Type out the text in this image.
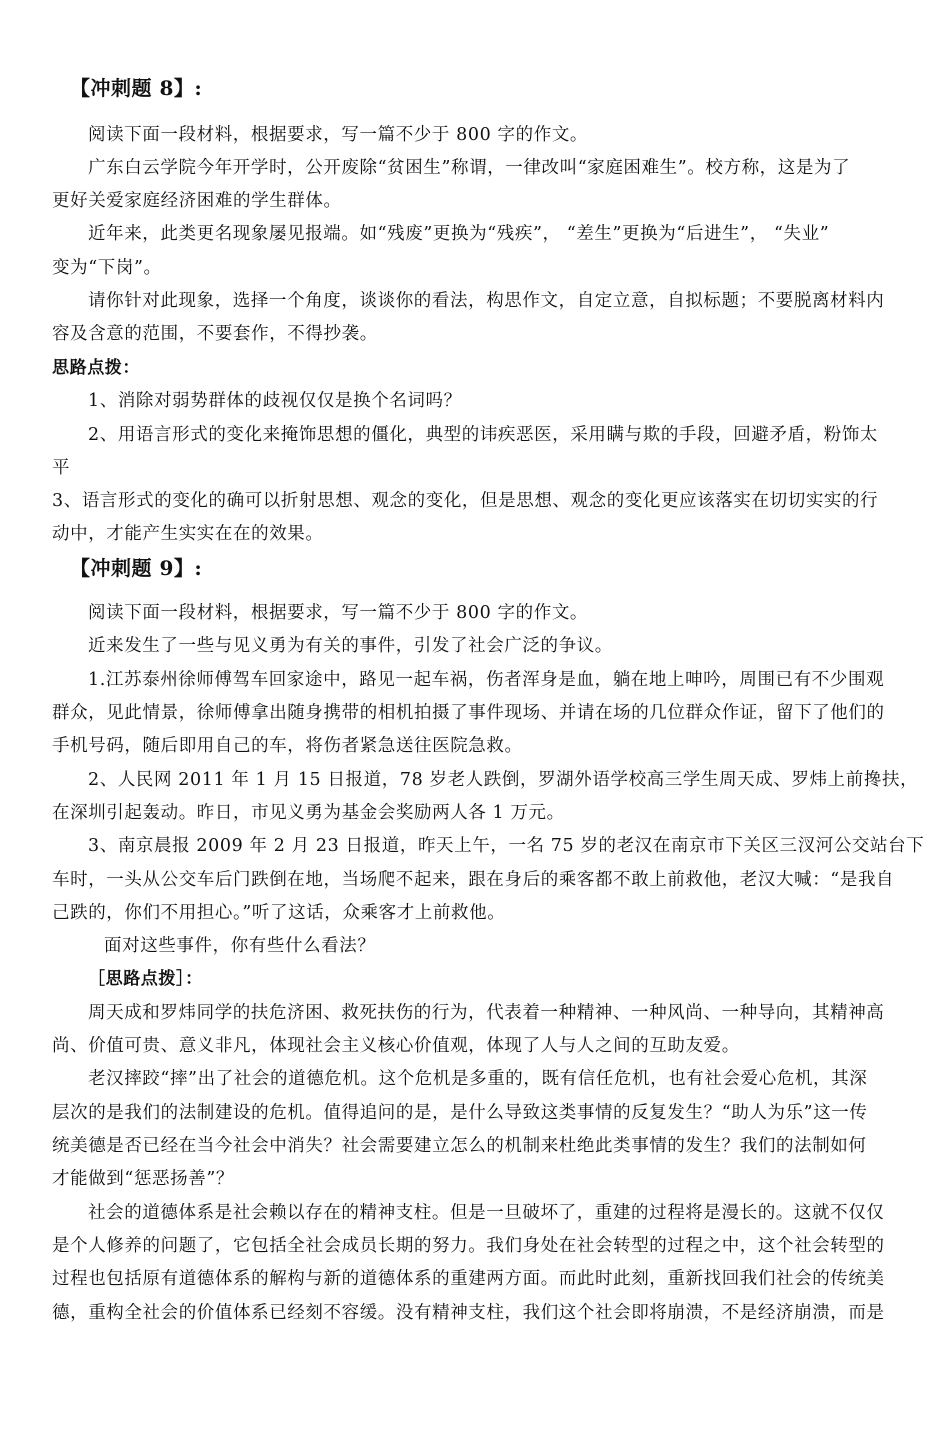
【冲刺题 8】:
阅读下面一段材料，根据要求，写一篇不少于 800 字的作文。
广东白云学院今年开学时，公开废除“贫困生”称谓，一律改叫“家庭困难生”。校方称，这是为了
更好关爱家庭经济困难的学生群体。
近年来，此类更名现象屡见报端。如“残废”更换为“残疾”， “差生”更换为“后进生”， “失业”
变为“下岗”。
请你针对此现象，选择一个角度，谈谈你的看法，构思作文，自定立意，自拟标题；不要脱离材料内
容及含意的范围，不要套作，不得抄袭。
思路点拨：
1、消除对弱势群体的歧视仅仅是换个名词吗？
2、用语言形式的变化来掩饰思想的僵化，典型的讳疾恶医，采用瞒与欺的手段，回避矛盾，粉饰太
平
3、语言形式的变化的确可以折射思想、观念的变化，但是思想、观念的变化更应该落实在切切实实的行
动中，才能产生实实在在的效果。
【冲刺题 9】:
阅读下面一段材料，根据要求，写一篇不少于 800 字的作文。
近来发生了一些与见义勇为有关的事件，引发了社会广泛的争议。
1.江苏泰州徐师傅驾车回家途中，路见一起车祸，伤者浑身是血，躺在地上呻吟，周围已有不少围观
群众，见此情景，徐师傅拿出随身携带的相机拍摄了事件现场、并请在场的几位群众作证，留下了他们的
手机号码，随后即用自己的车，将伤者紧急送往医院急救。
2、人民网 2011 年 1 月 15 日报道，78 岁老人跌倒，罗湖外语学校高三学生周天成、罗炜上前搀扶，
在深圳引起轰动。昨日，市见义勇为基金会奖励两人各 1 万元。
3、南京晨报 2009 年 2 月 23 日报道，昨天上午，一名 75 岁的老汉在南京市下关区三汊河公交站台下
车时，一头从公交车后门跌倒在地，当场爬不起来，跟在身后的乘客都不敢上前救他，老汉大喊：“是我自
己跌的，你们不用担心。”听了这话，众乘客才上前救他。
面对这些事件，你有些什么看法？
［思路点拨］：
周天成和罗炜同学的扶危济困、救死扶伤的行为，代表着一种精神、一种风尚、一种导向，其精神高
尚、价值可贵、意义非凡，体现社会主义核心价值观，体现了人与人之间的互助友爱。
老汉摔跤“摔”出了社会的道德危机。这个危机是多重的，既有信任危机，也有社会爱心危机，其深
层次的是我们的法制建设的危机。值得追问的是，是什么导致这类事情的反复发生？“助人为乐”这一传
统美德是否已经在当今社会中消失？社会需要建立怎么的机制来杜绝此类事情的发生？我们的法制如何
才能做到“惩恶扬善”？
社会的道德体系是社会赖以存在的精神支柱。但是一旦破坏了，重建的过程将是漫长的。这就不仅仅
是个人修养的问题了，它包括全社会成员长期的努力。我们身处在社会转型的过程之中，这个社会转型的
过程也包括原有道德体系的解构与新的道德体系的重建两方面。而此时此刻，重新找回我们社会的传统美
德，重构全社会的价值体系已经刻不容缓。没有精神支柱，我们这个社会即将崩溃，不是经济崩溃，而是
